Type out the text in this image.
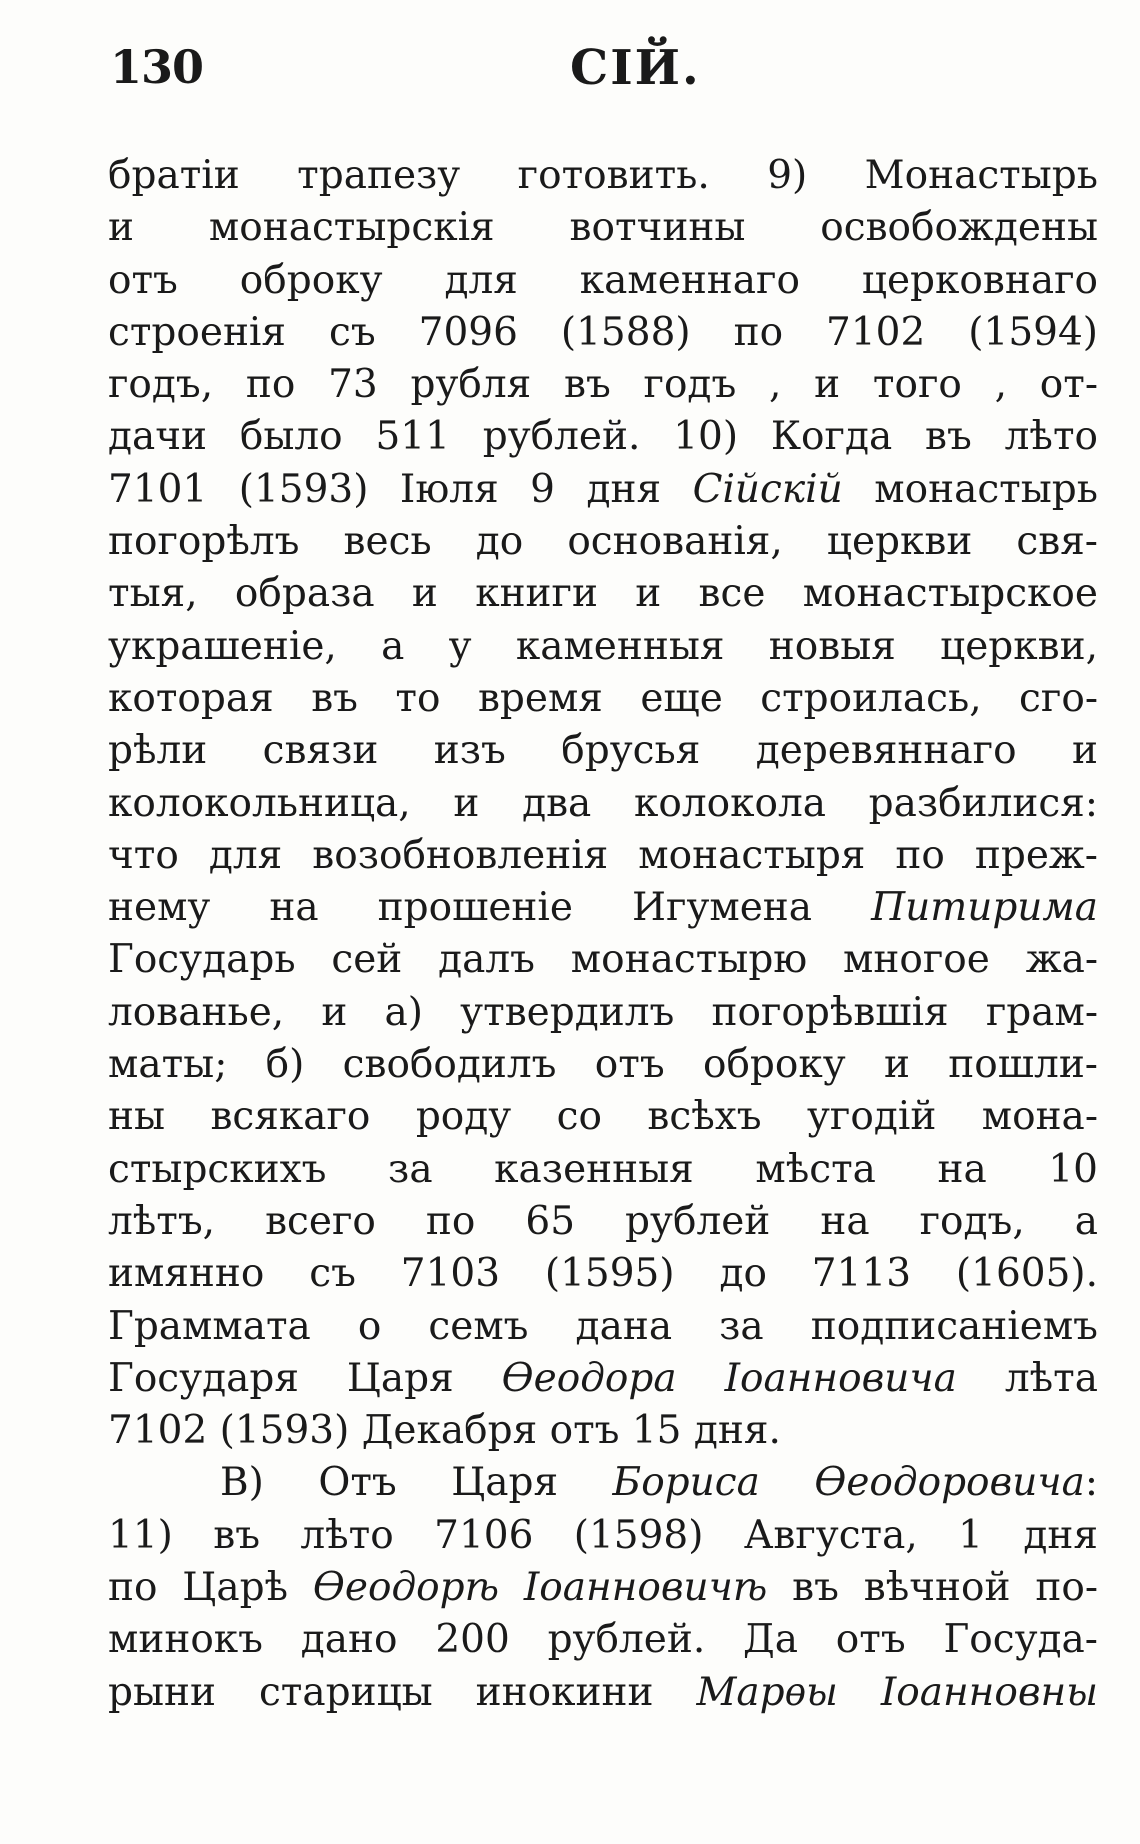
130	СІЙ.
братіи трапезу готовить. 9) Монастырь
и монастырскія вотчины освобождены
отъ оброку для каменнаго церковнаго
строенія съ 7096 (1588) по 7102 (1594)
годъ, по 73 рубля въ годъ , и того , от-
дачи было 511 рублей. 10) Когда въ лѣто
7101 (1593) Іюля 9 дня Сійскій монастырь
погорѣлъ весь до основанія, церкви свя-
тыя, образа и книги и все монастырское
украшеніе, а у каменныя новыя церкви,
которая въ то время еще строилась, сго-
рѣли связи изъ брусья деревяннаго и
колокольница, и два колокола разбилися:
что для возобновленія монастыря по преж-
нему на прошеніе Игумена Питирима
Государь сей далъ монастырю многое жа-
лованье, и а) утвердилъ погорѣвшія грам-
маты; б) свободилъ отъ оброку и пошли-
ны всякаго роду со всѣхъ угодій мона-
стырскихъ за казенныя мѣста на 10
лѣтъ, всего по 65 рублей на годъ, а
имянно съ 7103 (1595) до 7113 (1605).
Граммата о семъ дана за подписаніемъ
Государя Царя Ѳеодора Іоанновича лѣта
7102 (1593) Декабря отъ 15 дня.
В) Отъ Царя Бориса Ѳеодоровича:
11) въ лѣто 7106 (1598) Августа, 1 дня
по Царѣ Ѳеодорѣ Іоанновичѣ въ вѣчной по-
минокъ дано 200 рублей. Да отъ Госуда-
рыни старицы инокини Марѳы Іоанновны
